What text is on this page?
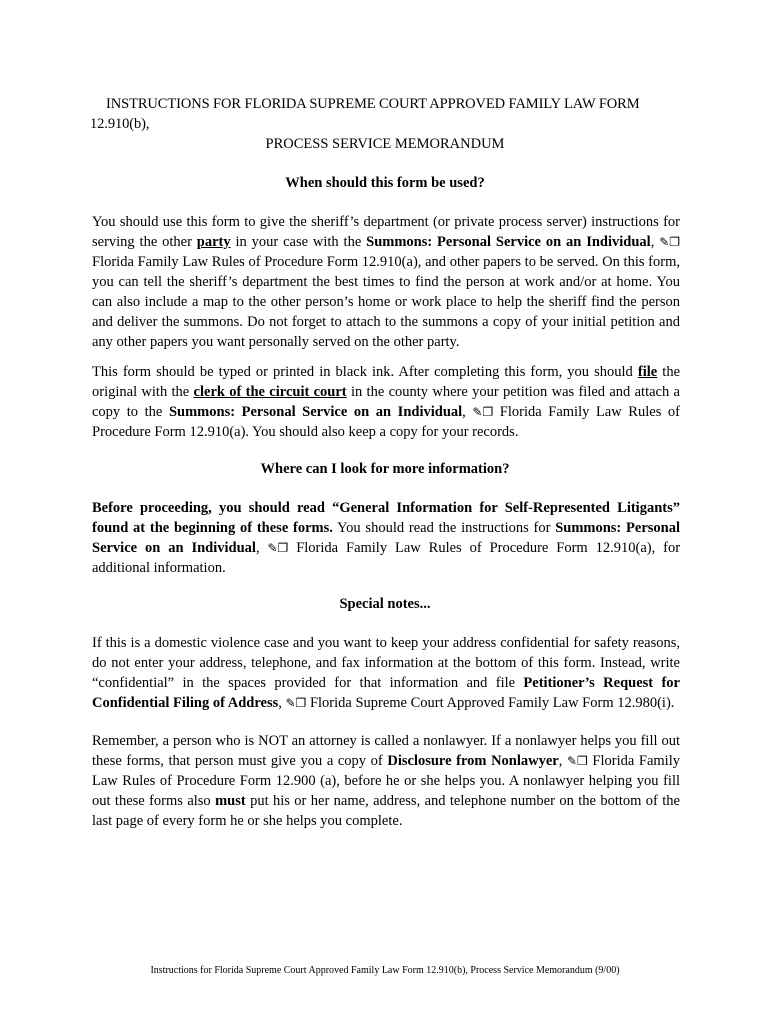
INSTRUCTIONS FOR FLORIDA SUPREME COURT APPROVED FAMILY LAW FORM 12.910(b),
PROCESS SERVICE MEMORANDUM
When should this form be used?

You should use this form to give the sheriff’s department (or private process server) instructions for serving the other party in your case with the Summons: Personal Service on an Individual, ✎❐ Florida Family Law Rules of Procedure Form 12.910(a), and other papers to be served. On this form, you can tell the sheriff’s department the best times to find the person at work and/or at home. You can also include a map to the other person’s home or work place to help the sheriff find the person and deliver the summons. Do not forget to attach to the summons a copy of your initial petition and any other papers you want personally served on the other party.

This form should be typed or printed in black ink. After completing this form, you should file the original with the clerk of the circuit court in the county where your petition was filed and attach a copy to the Summons: Personal Service on an Individual, ✎❐ Florida Family Law Rules of Procedure Form 12.910(a). You should also keep a copy for your records.

Where can I look for more information?

Before proceeding, you should read “General Information for Self-Represented Litigants” found at the beginning of these forms. You should read the instructions for Summons: Personal Service on an Individual, ✎❐ Florida Family Law Rules of Procedure Form 12.910(a), for additional information.

Special notes...

If this is a domestic violence case and you want to keep your address confidential for safety reasons, do not enter your address, telephone, and fax information at the bottom of this form. Instead, write “confidential” in the spaces provided for that information and file Petitioner’s Request for Confidential Filing of Address, ✎❐ Florida Supreme Court Approved Family Law Form 12.980(i).

Remember, a person who is NOT an attorney is called a nonlawyer. If a nonlawyer helps you fill out these forms, that person must give you a copy of Disclosure from Nonlawyer, ✎❐ Florida Family Law Rules of Procedure Form 12.900 (a), before he or she helps you. A nonlawyer helping you fill out these forms also must put his or her name, address, and telephone number on the bottom of the last page of every form he or she helps you complete.

Instructions for Florida Supreme Court Approved Family Law Form 12.910(b), Process Service Memorandum (9/00)
